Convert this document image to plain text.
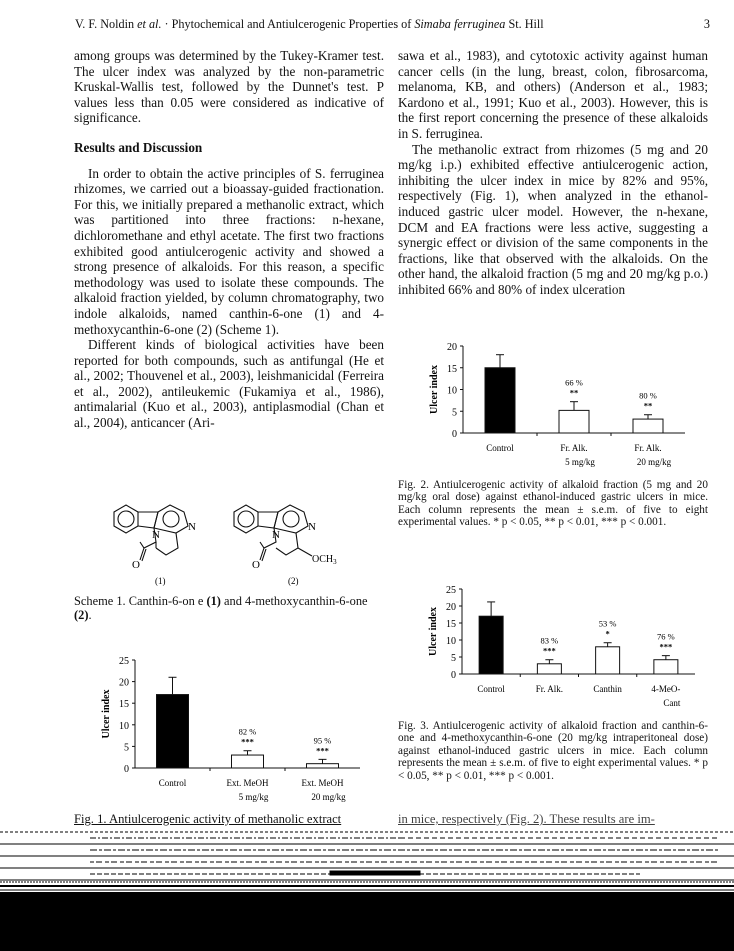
V. F. Noldin et al. · Phytochemical and Antiulcerogenic Properties of Simaba ferruginea St. Hill	3

among groups was determined by the Tukey-Kramer test. The ulcer index was analyzed by the non-parametric Kruskal-Wallis test, followed by the Dunnet's test. P values less than 0.05 were considered as indicative of significance.

Results and Discussion

In order to obtain the active principles of S. ferruginea rhizomes, we carried out a bioassay-guided fractionation. For this, we initially prepared a methanolic extract, which was partitioned into three fractions: n-hexane, dichloromethane and ethyl acetate. The first two fractions exhibited good antiulcerogenic activity and showed a strong presence of alkaloids. For this reason, a specific methodology was used to isolate these compounds. The alkaloid fraction yielded, by column chromatography, two indole alkaloids, named canthin-6-one (1) and 4-methoxycanthin-6-one (2) (Scheme 1).

Different kinds of biological activities have been reported for both compounds, such as antifungal (He et al., 2002; Thouvenel et al., 2003), leishmanicidal (Ferreira et al., 2002), antileukemic (Fukamiya et al., 1986), antimalarial (Kuo et al., 2003), antiplasmodial (Chan et al., 2004), anticancer (Ari-

sawa et al., 1983), and cytotoxic activity against human cancer cells (in the lung, breast, colon, fibrosarcoma, melanoma, KB, and others) (Anderson et al., 1983; Kardono et al., 1991; Kuo et al., 2003). However, this is the first report concerning the presence of these alkaloids in S. ferruginea.

The methanolic extract from rhizomes (5 mg and 20 mg/kg i.p.) exhibited effective antiulcerogenic action, inhibiting the ulcer index in mice by 82% and 95%, respectively (Fig. 1), when analyzed in the ethanol-induced gastric ulcer model. However, the n-hexane, DCM and EA fractions were less active, suggesting a synergic effect or division of the same components in the fractions, like that observed with the alkaloids. On the other hand, the alkaloid fraction (5 mg and 20 mg/kg p.o.) inhibited 66% and 80% of index ulceration

N
N
O
(1)
N
N
O	$OCH_3$
(2)
Scheme 1. Canthin-6-on e (1) and 4-methoxycanthin-6-one (2).
0
5
10
15
20
Ulcer index
Control
66 %
**
Fr. Alk.
5 mg/kg
80 %
**
Fr. Alk.
20 mg/kg
Fig. 2. Antiulcerogenic activity of alkaloid fraction (5 mg and 20 mg/kg oral dose) against ethanol-induced gastric ulcers in mice. Each column represents the mean ± s.e.m. of five to eight experimental values. * p < 0.05, ** p < 0.01, *** p < 0.001.
0
5
10
15
20
25
Ulcer index
Control
83 %
***
Fr. Alk.
53 %
*
Canthin
76 %
***
4-MeO-
Cant
Fig. 3. Antiulcerogenic activity of alkaloid fraction and canthin-6-one and 4-methoxycanthin-6-one (20 mg/kg intraperitoneal dose) against ethanol-induced gastric ulcers in mice. Each column represents the mean ± s.e.m. of five to eight experimental values. * p < 0.05, ** p < 0.01, *** p < 0.001.
0
5
10
15
20
25
Ulcer index
Control
82 %
***
Ext. MeOH
5 mg/kg
95 %
***
Ext. MeOH
20 mg/kg
Fig. 1. Antiulcerogenic activity of methanolic extract	in mice, respectively (Fig. 2). These results are im-
